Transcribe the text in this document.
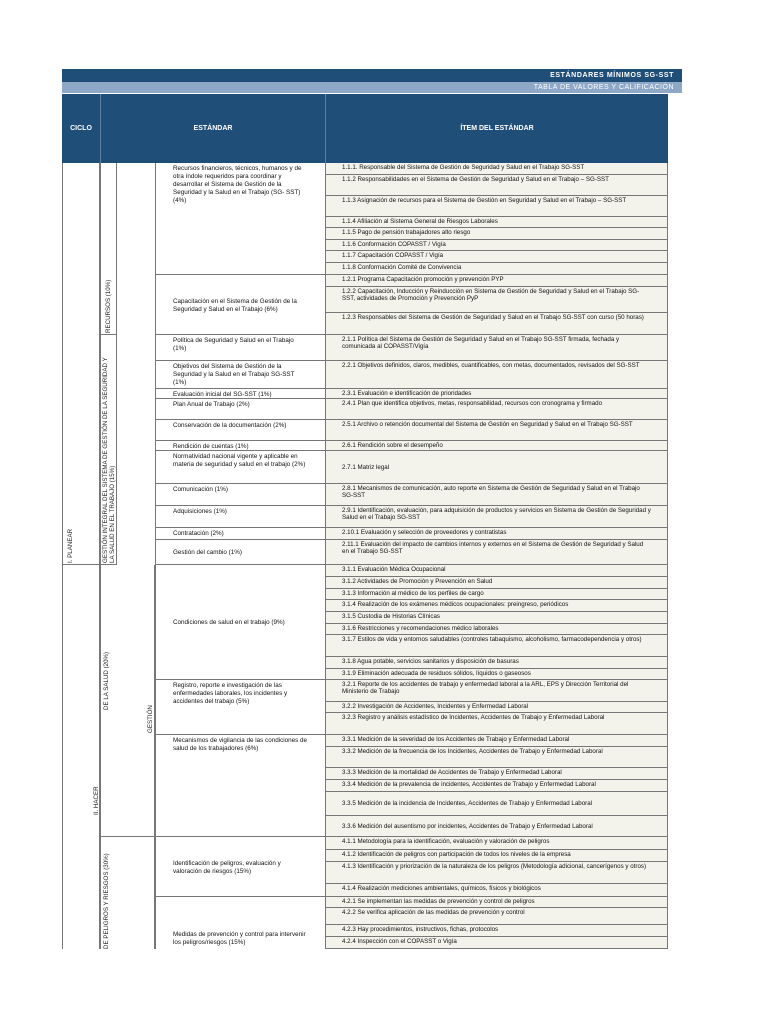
ESTÁNDARES MÍNIMOS SG-SST
TABLA DE VALORES Y CALIFICACIÓN
CICLO	ESTÁNDAR	ÍTEM DEL ESTÁNDAR
I. PLANEAR
II. HACER
RECURSOS (10%)
GESTIÓN INTEGRAL DEL SISTEMA DE GESTIÓN DE LA SEGURIDAD Y LA SALUD EN EL TRABAJO (15%)
DE LA SALUD (20%)
GESTIÓN
DE PELIGROS Y RIESGOS (30%)
Recursos financieros, técnicos, humanos y de otra índole requeridos para coordinar y desarrollar el Sistema de Gestión de la Seguridad y la Salud en el Trabajo (SG- SST) (4%)
Capacitación en el Sistema de Gestión de la Seguridad y Salud en el Trabajo (6%)
Política de Seguridad y Salud en el Trabajo (1%)
Objetivos del Sistema de Gestión de la Seguridad y la Salud en el Trabajo SG-SST (1%)
Evaluación inicial del SG-SST (1%)
Plan Anual de Trabajo (2%)
Conservación de la documentación (2%)
Rendición de cuentas (1%)
Normatividad nacional vigente y aplicable en materia de seguridad y salud en el trabajo (2%)
Comunicación (1%)
Adquisiciones (1%)
Contratación (2%)
Gestión del cambio (1%)
Condiciones de salud en el trabajo (9%)
Registro, reporte e investigación de las enfermedades laborales, los incidentes y accidentes del trabajo (5%)
Mecanismos de vigilancia de las condiciones de salud de los trabajadores (6%)
Identificación de peligros, evaluación y valoración de riesgos (15%)
Medidas de prevención y control para intervenir los peligros/riesgos (15%)
1.1.1. Responsable del Sistema de Gestión de Seguridad y Salud en el Trabajo SG-SST
1.1.2 Responsabilidades en el Sistema de Gestión de Seguridad y Salud en el Trabajo – SG-SST
1.1.3 Asignación de recursos para el Sistema de Gestión en Seguridad y Salud en el Trabajo – SG-SST
1.1.4 Afiliación al Sistema General de Riesgos Laborales
1.1.5 Pago de pensión trabajadores alto riesgo
1.1.6 Conformación COPASST / Vigía
1.1.7 Capacitación COPASST / Vigía
1.1.8 Conformación Comité de Convivencia
1.2.1 Programa Capacitación promoción y prevención PYP
1.2.2 Capacitación, Inducción y Reinducción en Sistema de Gestión de Seguridad y Salud en el Trabajo SG-SST, actividades de Promoción y Prevención PyP
1.2.3 Responsables del Sistema de Gestión de Seguridad y Salud en el Trabajo SG-SST con curso (50 horas)
2.1.1 Política del Sistema de Gestión de Seguridad y Salud en el Trabajo SG-SST firmada, fechada y comunicada al COPASST/Vigía
2.2.1 Objetivos definidos, claros, medibles, cuantificables, con metas, documentados, revisados del SG-SST
2.3.1 Evaluación e identificación de prioridades
2.4.1 Plan que identifica objetivos, metas, responsabilidad, recursos con cronograma y firmado
2.5.1 Archivo o retención documental del Sistema de Gestión en Seguridad y Salud en el Trabajo SG-SST
2.6.1 Rendición sobre el desempeño
2.7.1 Matriz legal
2.8.1 Mecanismos de comunicación, auto reporte en Sistema de Gestión de Seguridad y Salud en el Trabajo SG-SST
2.9.1 Identificación, evaluación, para adquisición de productos y servicios en Sistema de Gestión de Seguridad y Salud en el Trabajo SG-SST
2.10.1 Evaluación y selección de proveedores y contratistas
2.11.1 Evaluación del impacto de cambios internos y externos en el Sistema de Gestión de Seguridad y Salud en el Trabajo SG-SST
3.1.1 Evaluación Médica Ocupacional
3.1.2 Actividades de Promoción y Prevención en Salud
3.1.3 Información al médico de los perfiles de cargo
3.1.4 Realización de los exámenes médicos ocupacionales: preingreso, periódicos
3.1.5 Custodia de Historias Clínicas
3.1.6 Restricciones y recomendaciones médico laborales
3.1.7 Estilos de vida y entornos saludables (controles tabaquismo, alcoholismo, farmacodependencia y otros)
3.1.8 Agua potable, servicios sanitarios y disposición de basuras
3.1.9 Eliminación adecuada de residuos sólidos, líquidos o gaseosos
3.2.1 Reporte de los accidentes de trabajo y enfermedad laboral a la ARL, EPS y Dirección Territorial del Ministerio de Trabajo
3.2.2 Investigación de Accidentes, Incidentes y Enfermedad Laboral
3.2.3 Registro y análisis estadístico de Incidentes, Accidentes de Trabajo y Enfermedad Laboral
3.3.1 Medición de la severidad de los Accidentes de Trabajo y Enfermedad Laboral
3.3.2 Medición de la frecuencia de los Incidentes, Accidentes de Trabajo y Enfermedad Laboral
3.3.3 Medición de la mortalidad de Accidentes de Trabajo y Enfermedad Laboral
3.3.4 Medición de la prevalencia de incidentes, Accidentes de Trabajo y Enfermedad Laboral
3.3.5 Medición de la incidencia de Incidentes, Accidentes de Trabajo y Enfermedad Laboral
3.3.6 Medición del ausentismo por incidentes, Accidentes de Trabajo y Enfermedad Laboral
4.1.1 Metodología para la identificación, evaluación y valoración de peligros
4.1.2 Identificación de peligros con participación de todos los niveles de la empresa
4.1.3 Identificación y priorización de la naturaleza de los peligros (Metodología adicional, cancerígenos y otros)
4.1.4 Realización mediciones ambientales, químicos, físicos y biológicos
4.2.1 Se implementan las medidas de prevención y control de peligros
4.2.2 Se verifica aplicación de las medidas de prevención y control
4.2.3 Hay procedimientos, instructivos, fichas, protocolos
4.2.4 Inspección con el COPASST o Vigía
